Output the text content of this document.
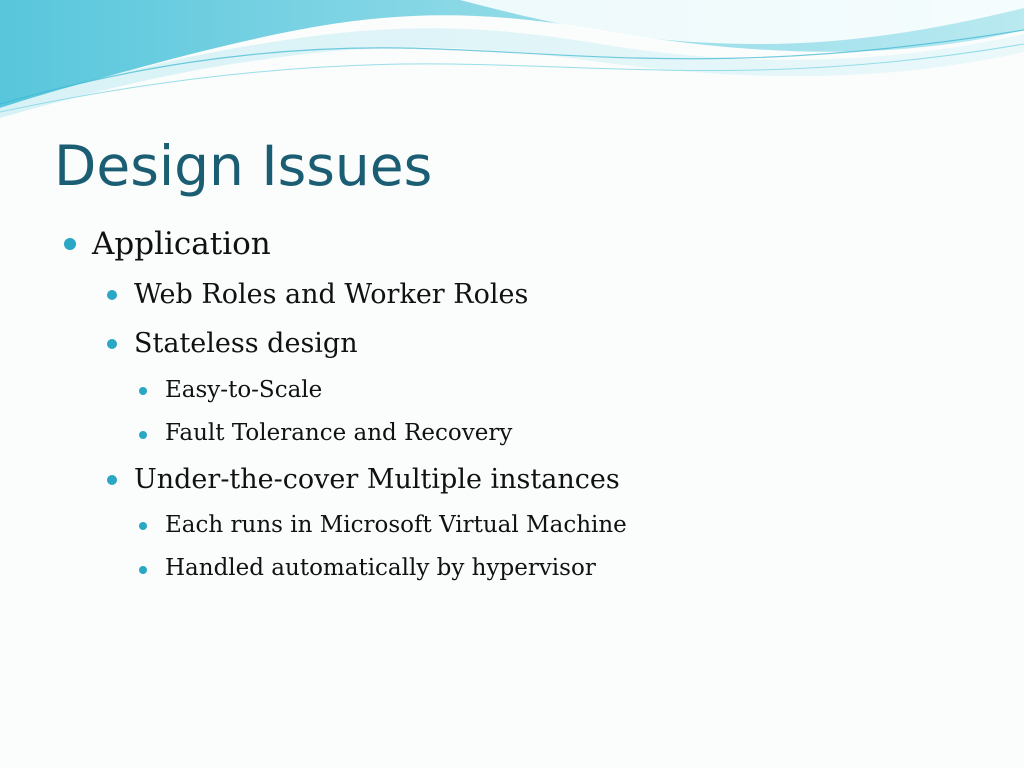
Design Issues

Application

Web Roles and Worker Roles

Stateless design

Easy-to-Scale

Fault Tolerance and Recovery

Under-the-cover Multiple instances

Each runs in Microsoft Virtual Machine

Handled automatically by hypervisor
